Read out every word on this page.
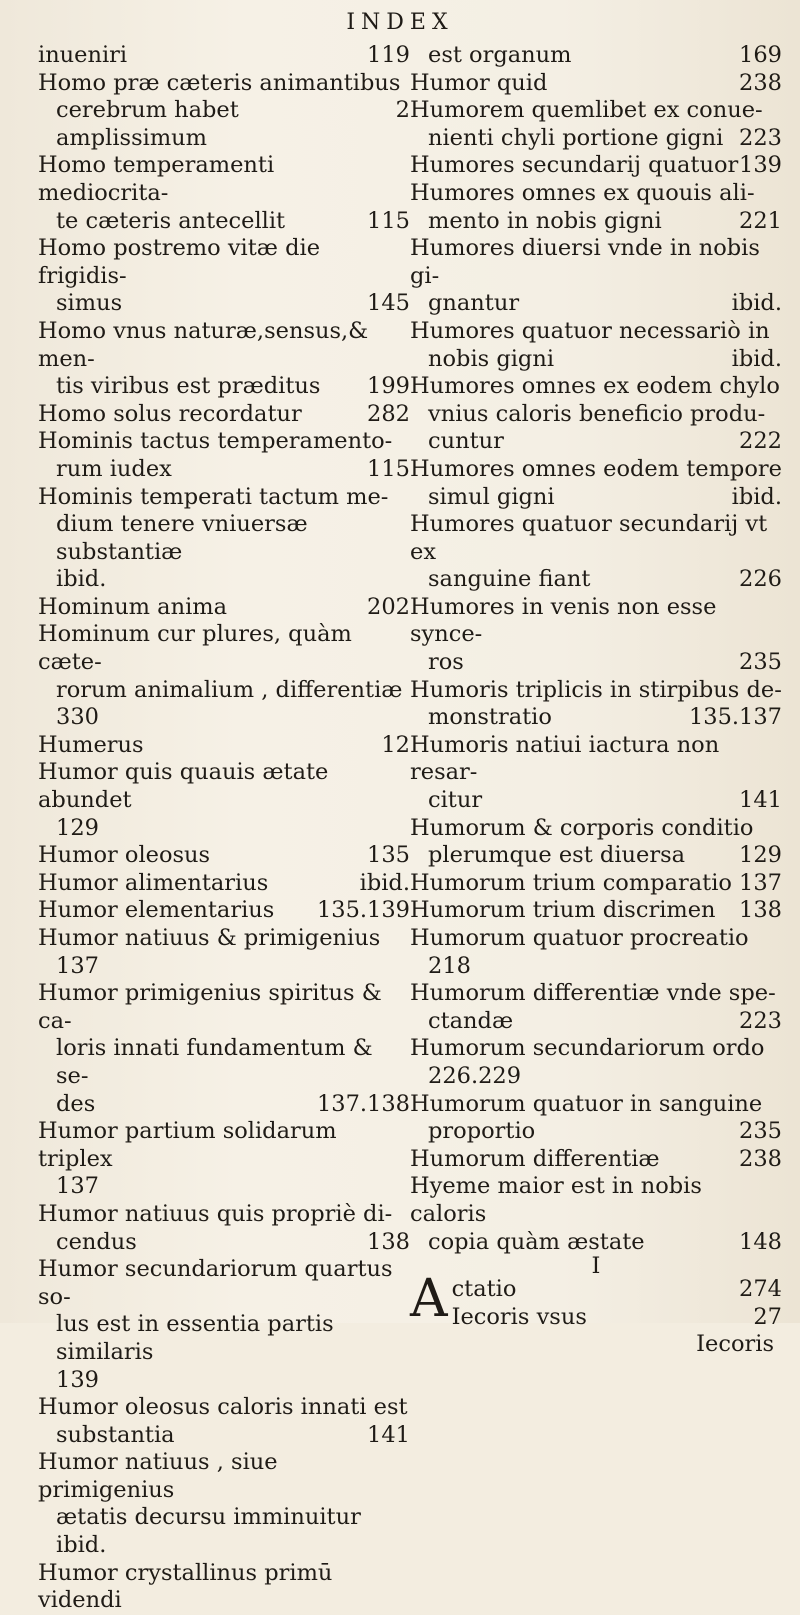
INDEX
119
inueniri
Homo præ cæteris animantibus
2
cerebrum habet amplissimum
Homo temperamenti mediocrita-
115
te cæteris antecellit
Homo postremo vitæ die frigidis-
145
simus
Homo vnus naturæ,sensus,& men-
199
tis viribus est præditus
282
Homo solus recordatur
Hominis tactus temperamento-
115
rum iudex
Hominis temperati tactum me-
dium tenere vniuersæ substantiæ
ibid.
202
Hominum anima
Hominum cur plures, quàm cæte-
rorum animalium , differentiæ
330
12
Humerus
Humor quis quauis ætate abundet
129
135
Humor oleosus
ibid.
Humor alimentarius
135.139
Humor elementarius
Humor natiuus & primigenius
137
Humor primigenius spiritus & ca-
loris innati fundamentum & se-
137.138
des
Humor partium solidarum triplex
137
Humor natiuus quis propriè di-
138
cendus
Humor secundariorum quartus so-
lus est in essentia partis similaris
139
Humor oleosus caloris innati est
141
substantia
Humor natiuus , siue primigenius
ætatis decursu imminuitur ibid.
Humor crystallinus primū videndi
169
est organum
238
Humor quid
Humorem quemlibet ex conue-
223
nienti chyli portione gigni
139
Humores secundarij quatuor
Humores omnes ex quouis ali-
221
mento in nobis gigni
Humores diuersi vnde in nobis gi-
ibid.
gnantur
Humores quatuor necessariò in
ibid.
nobis gigni
Humores omnes ex eodem chylo
vnius caloris beneficio produ-
222
cuntur
Humores omnes eodem tempore
ibid.
simul gigni
Humores quatuor secundarij vt ex
226
sanguine fiant
Humores in venis non esse synce-
235
ros
Humoris triplicis in stirpibus de-
135.137
monstratio
Humoris natiui iactura non resar-
141
citur
Humorum & corporis conditio
129
plerumque est diuersa
137
Humorum trium comparatio
138
Humorum trium discrimen
Humorum quatuor procreatio
218
Humorum differentiæ vnde spe-
223
ctandæ
Humorum secundariorum ordo
226.229
Humorum quatuor in sanguine
235
proportio
238
Humorum differentiæ
Hyeme maior est in nobis caloris
148
copia quàm æstate
I
A	274
ctatio
27
Iecoris vsus
Iecoris
